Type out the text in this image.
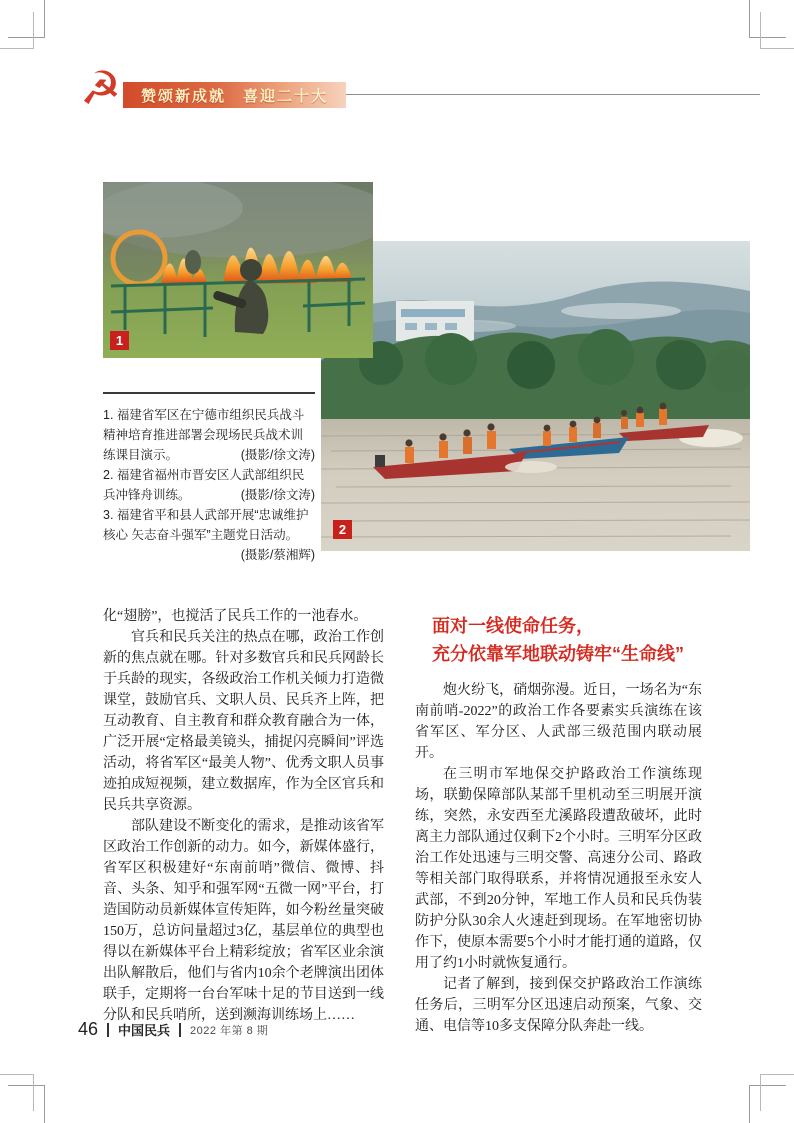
☭ 赞颂新成就　喜迎二十大
2
1

1. 福建省军区在宁德市组织民兵战斗精神培育推进部署会现场民兵战术训练课目演示。	(摄影/徐文涛)

2. 福建省福州市晋安区人武部组织民兵冲锋舟训练。	(摄影/徐文涛)

3. 福建省平和县人武部开展“忠诚维护核心 矢志奋斗强军”主题党日活动。
(摄影/蔡湘辉)

化“翅膀”，也搅活了民兵工作的一池春水。

官兵和民兵关注的热点在哪，政治工作创新的焦点就在哪。针对多数官兵和民兵网龄长于兵龄的现实，各级政治工作机关倾力打造微课堂，鼓励官兵、文职人员、民兵齐上阵，把互动教育、自主教育和群众教育融合为一体，广泛开展“定格最美镜头，捕捉闪亮瞬间”评选活动，将省军区“最美人物”、优秀文职人员事迹拍成短视频，建立数据库，作为全区官兵和民兵共享资源。

部队建设不断变化的需求，是推动该省军区政治工作创新的动力。如今，新媒体盛行，省军区积极建好“东南前哨”微信、微博、抖音、头条、知乎和强军网“五微一网”平台，打造国防动员新媒体宣传矩阵，如今粉丝量突破150万，总访问量超过3亿，基层单位的典型也得以在新媒体平台上精彩绽放；省军区业余演出队解散后，他们与省内10余个老牌演出团体联手，定期将一台台军味十足的节目送到一线分队和民兵哨所，送到濒海训练场上……

面对一线使命任务，
充分依靠军地联动铸牢“生命线”

炮火纷飞，硝烟弥漫。近日，一场名为“东南前哨-2022”的政治工作各要素实兵演练在该省军区、军分区、人武部三级范围内联动展开。

在三明市军地保交护路政治工作演练现场，联勤保障部队某部千里机动至三明展开演练，突然，永安西至尤溪路段遭敌破坏，此时离主力部队通过仅剩下2个小时。三明军分区政治工作处迅速与三明交警、高速分公司、路政等相关部门取得联系，并将情况通报至永安人武部，不到20分钟，军地工作人员和民兵伪装防护分队30余人火速赶到现场。在军地密切协作下，使原本需要5个小时才能打通的道路，仅用了约1小时就恢复通行。

记者了解到，接到保交护路政治工作演练任务后，三明军分区迅速启动预案，气象、交通、电信等10多支保障分队奔赴一线。

46 中国民兵 2022 年第 8 期
